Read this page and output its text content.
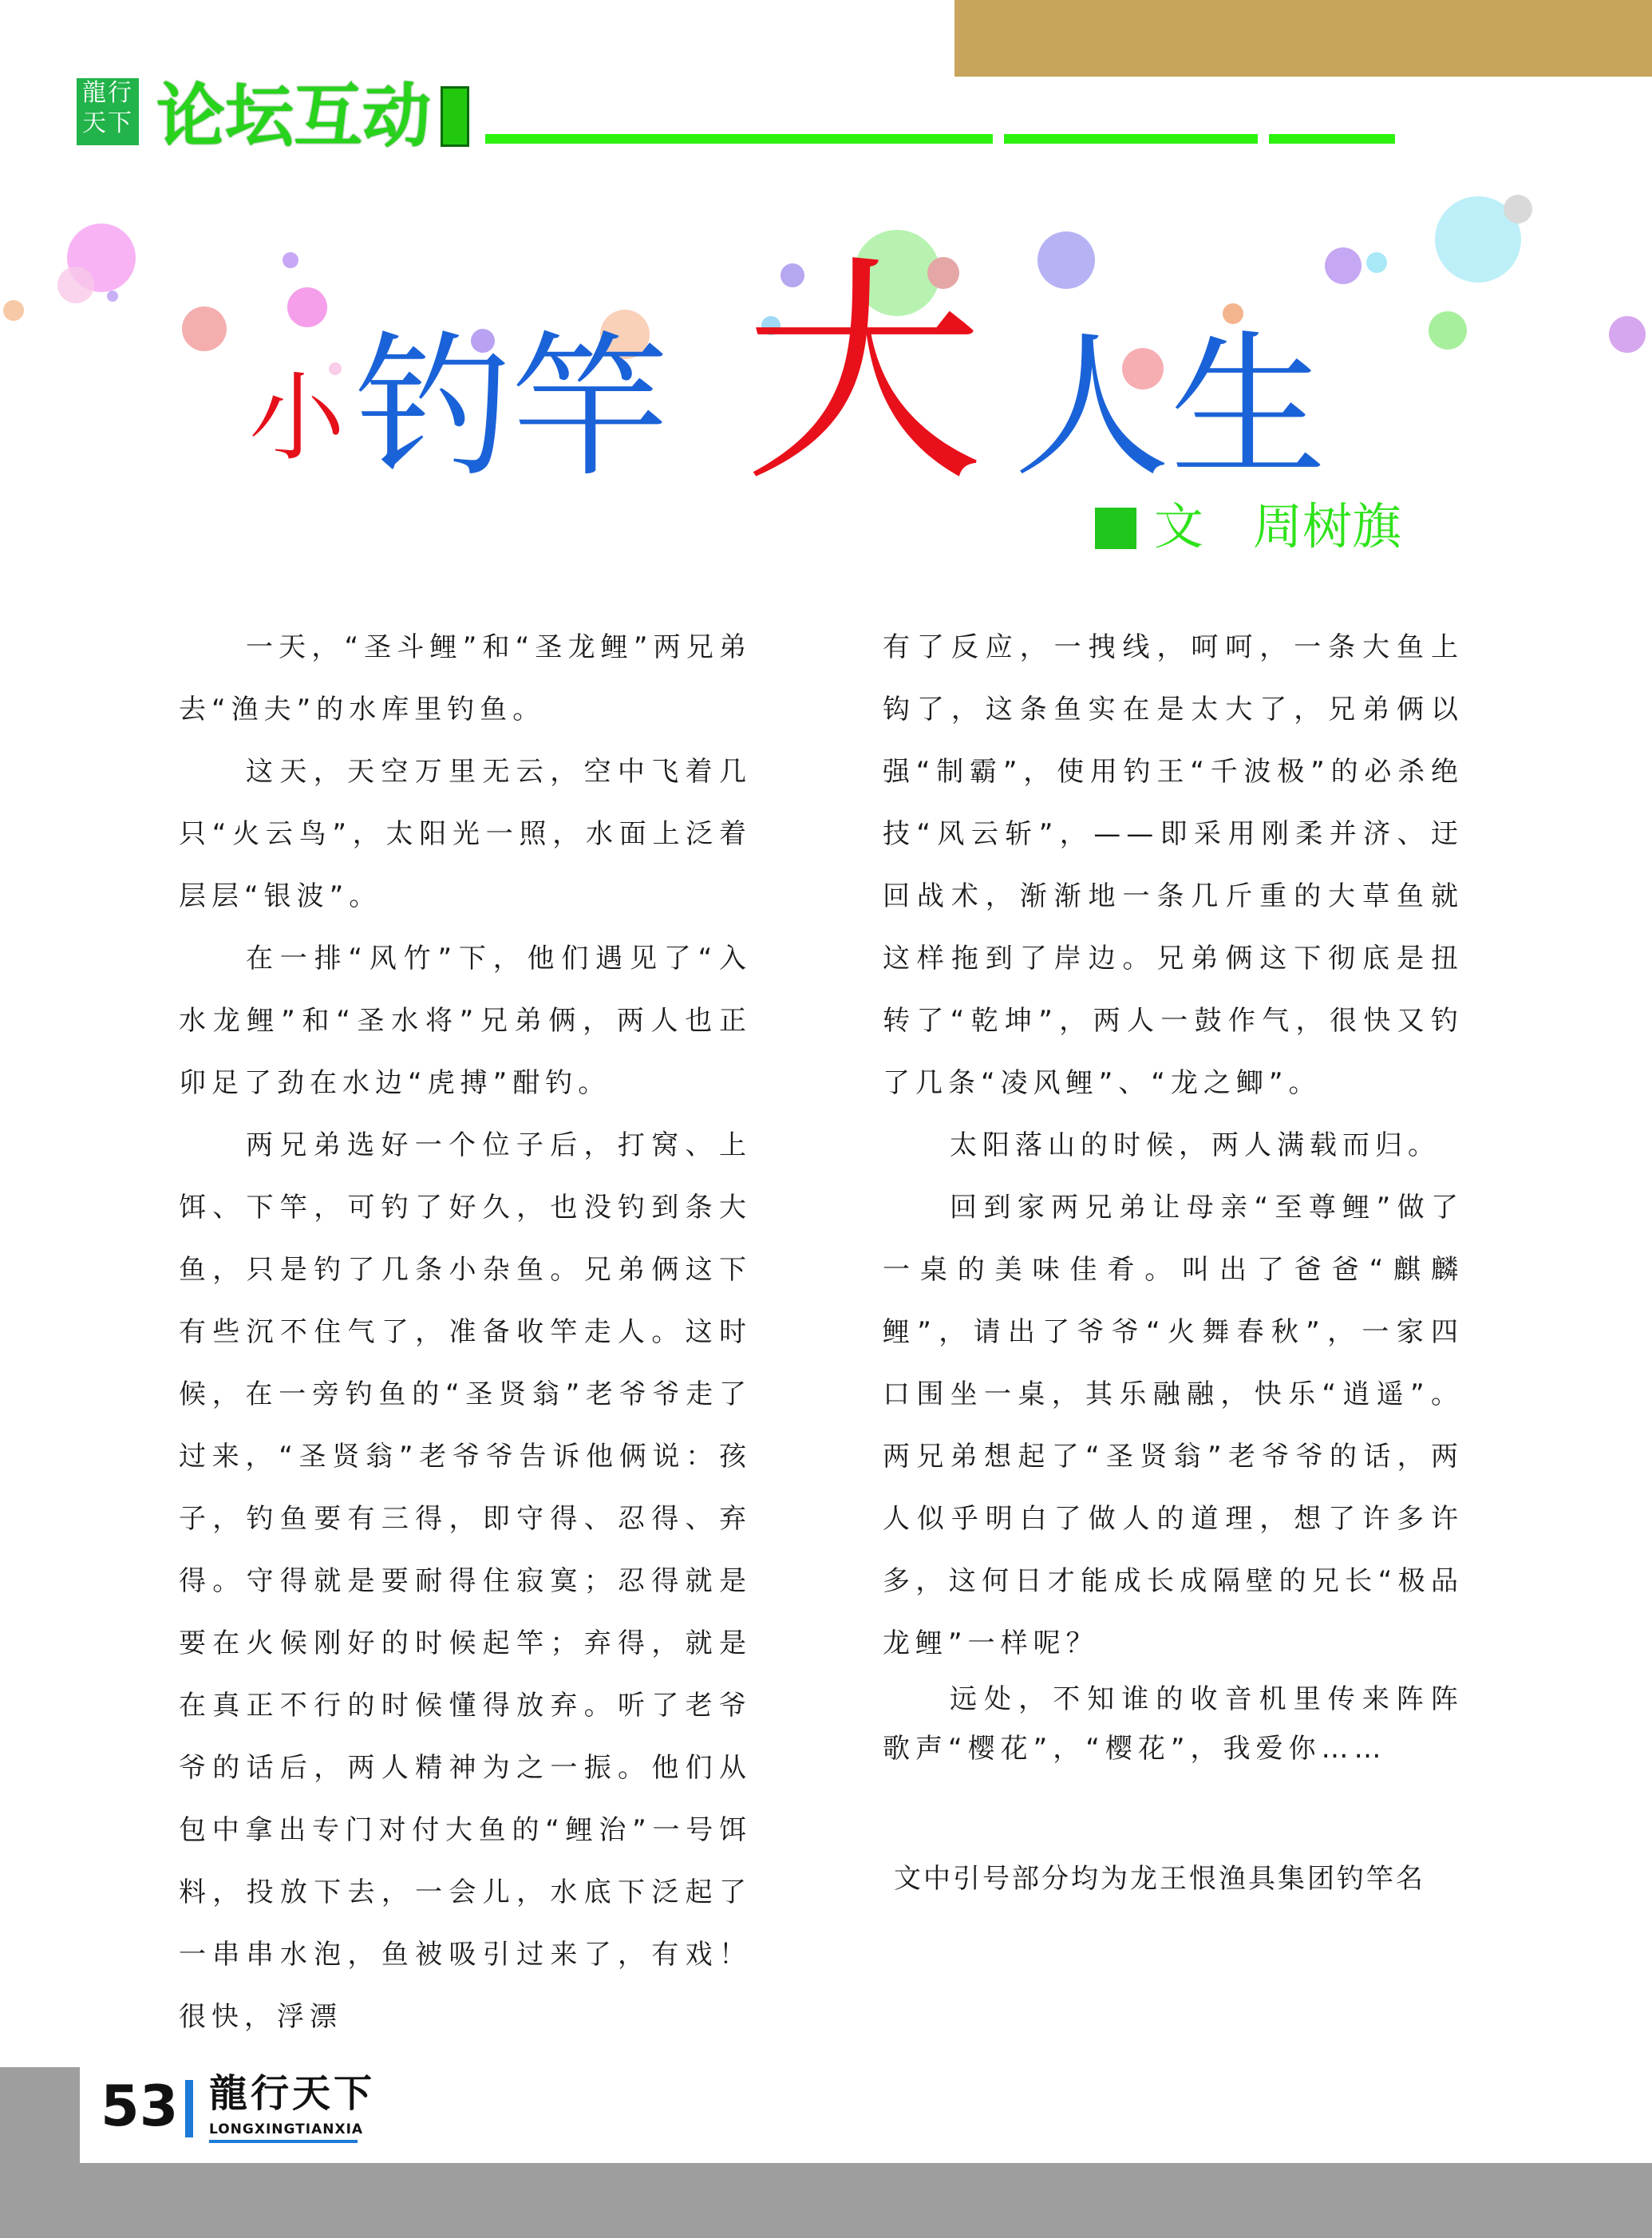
龍行
天下 论坛互动
小 钓竿 大 人生
文　周树旗

一天，“圣斗鲤”和“圣龙鲤”两兄弟去“渔夫”的水库里钓鱼。

这天，天空万里无云，空中飞着几只“火云鸟”，太阳光一照，水面上泛着层层“银波”。

在一排“风竹”下，他们遇见了“入水龙鲤”和“圣水将”兄弟俩，两人也正卯足了劲在水边“虎搏”酣钓。

两兄弟选好一个位子后，打窝、上饵、下竿，可钓了好久，也没钓到条大鱼，只是钓了几条小杂鱼。兄弟俩这下有些沉不住气了，准备收竿走人。这时候，在一旁钓鱼的“圣贤翁”老爷爷走了过来，“圣贤翁”老爷爷告诉他俩说：孩子，钓鱼要有三得，即守得、忍得、弃得。守得就是要耐得住寂寞；忍得就是要在火候刚好的时候起竿；弃得，就是在真正不行的时候懂得放弃。听了老爷爷的话后，两人精神为之一振。他们从包中拿出专门对付大鱼的“鲤治”一号饵料，投放下去，一会儿，水底下泛起了一串串水泡，鱼被吸引过来了，有戏！很快，浮漂

有了反应，一拽线，呵呵，一条大鱼上钩了，这条鱼实在是太大了，兄弟俩以强“制霸”，使用钓王“千波极”的必杀绝技“风云斩”，——即采用刚柔并济、迂回战术，渐渐地一条几斤重的大草鱼就这样拖到了岸边。兄弟俩这下彻底是扭转了“乾坤”，两人一鼓作气，很快又钓了几条“凌风鲤”、“龙之鲫”。

太阳落山的时候，两人满载而归。

回到家两兄弟让母亲“至尊鲤”做了一桌的美味佳肴。叫出了爸爸“麒麟鲤”，请出了爷爷“火舞春秋”，一家四口围坐一桌，其乐融融，快乐“逍遥”。两兄弟想起了“圣贤翁”老爷爷的话，两人似乎明白了做人的道理，想了许多许多，这何日才能成长成隔壁的兄长“极品龙鲤”一样呢？

远处，不知谁的收音机里传来阵阵歌声“樱花”，“樱花”，我爱你……

文中引号部分均为龙王恨渔具集团钓竿名
53 龍行天下
LONGXINGTIANXIA
